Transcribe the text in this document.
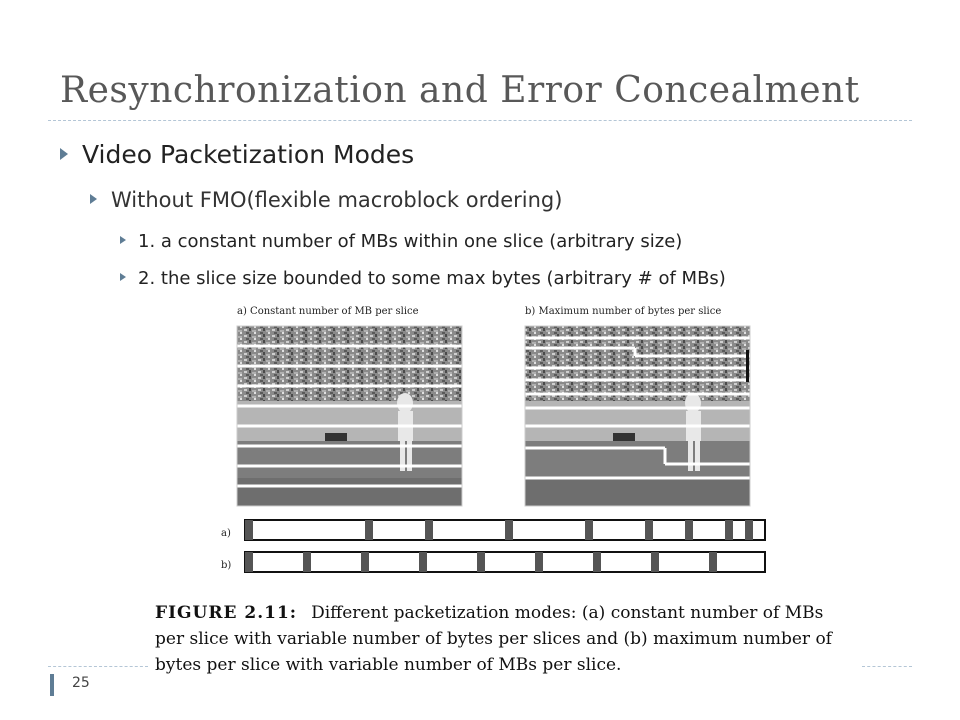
Resynchronization and Error Concealment
Video Packetization Modes
Without FMO(flexible macroblock ordering)
1. a constant number of MBs within one slice (arbitrary size)
2. the slice size bounded to some max bytes (arbitrary # of MBs)
a) Constant number of MB per slice	b) Maximum number of bytes per slice
a)
b)
FIGURE 2.11: Different packetization modes: (a) constant number of MBs per slice with variable number of bytes per slices and (b) maximum number of bytes per slice with variable number of MBs per slice.
25
